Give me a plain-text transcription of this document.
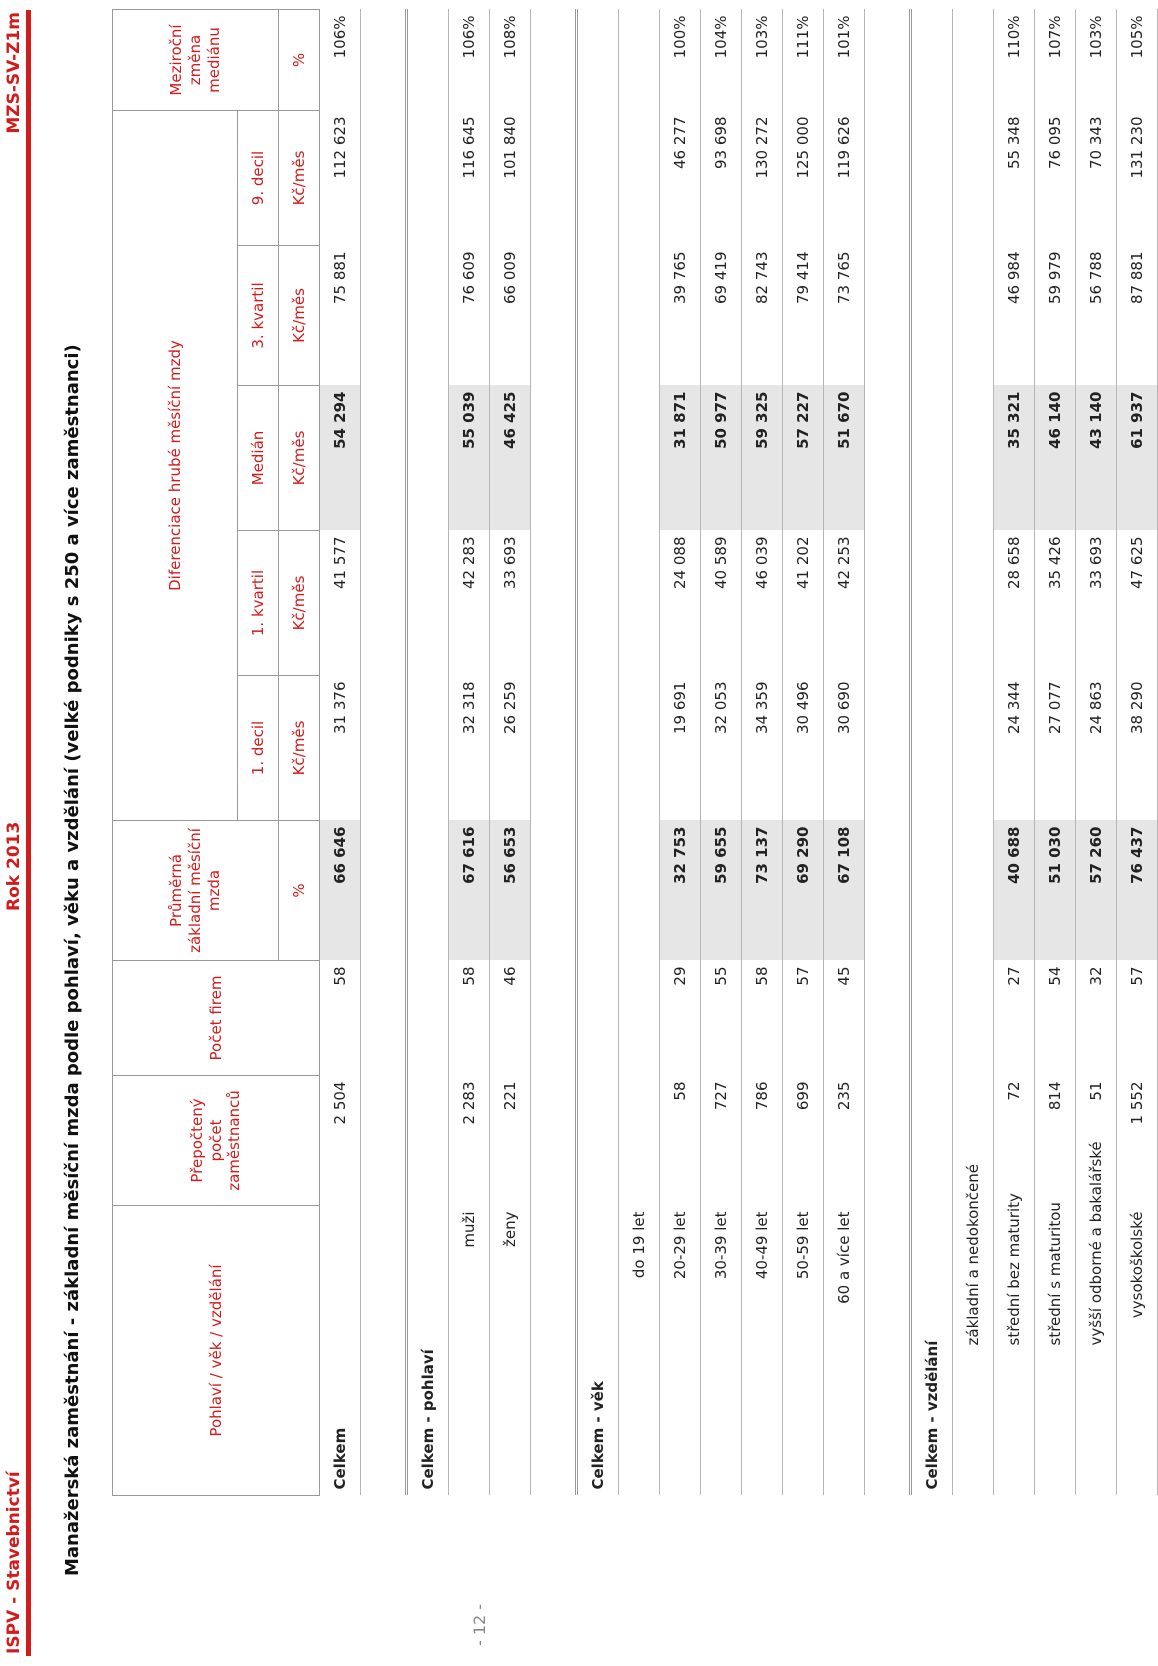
ISPV - Stavebnictví
Rok 2013
MZS-SV-Z1m
Manažerská zaměstnání - základní měsíční mzda podle pohlaví, věku a vzdělání (velké podniky s 250 a více zaměstnanci)
- 12 -
Pohlaví / věk / vzdělání	Přepočtený počet zaměstnanců	Počet firem	Průměrná základní měsíční mzda	Diferenciace hrubé měsíční mzdy					Meziroční změna mediánu
				1. decil	1. kvartil	Medián	3. kvartil	9. decil	
			%	Kč/měs	Kč/měs	Kč/měs	Kč/měs	Kč/měs	%
Celkem	2 504	58	66 646	31 376	41 577	54 294	75 881	112 623	106%

Celkem - pohlaví									
muži	2 283	58	67 616	32 318	42 283	55 039	76 609	116 645	106%
ženy	221	46	56 653	26 259	33 693	46 425	66 009	101 840	108%

Celkem - věk									
do 19 let									
20-29 let	58	29	32 753	19 691	24 088	31 871	39 765	46 277	100%
30-39 let	727	55	59 655	32 053	40 589	50 977	69 419	93 698	104%
40-49 let	786	58	73 137	34 359	46 039	59 325	82 743	130 272	103%
50-59 let	699	57	69 290	30 496	41 202	57 227	79 414	125 000	111%
60 a více let	235	45	67 108	30 690	42 253	51 670	73 765	119 626	101%

Celkem - vzdělání									
základní a nedokončené									
střední bez maturity	72	27	40 688	24 344	28 658	35 321	46 984	55 348	110%
střední s maturitou	814	54	51 030	27 077	35 426	46 140	59 979	76 095	107%
vyšší odborné a bakalářské	51	32	57 260	24 863	33 693	43 140	56 788	70 343	103%
vysokoškolské	1 552	57	76 437	38 290	47 625	61 937	87 881	131 230	105%
